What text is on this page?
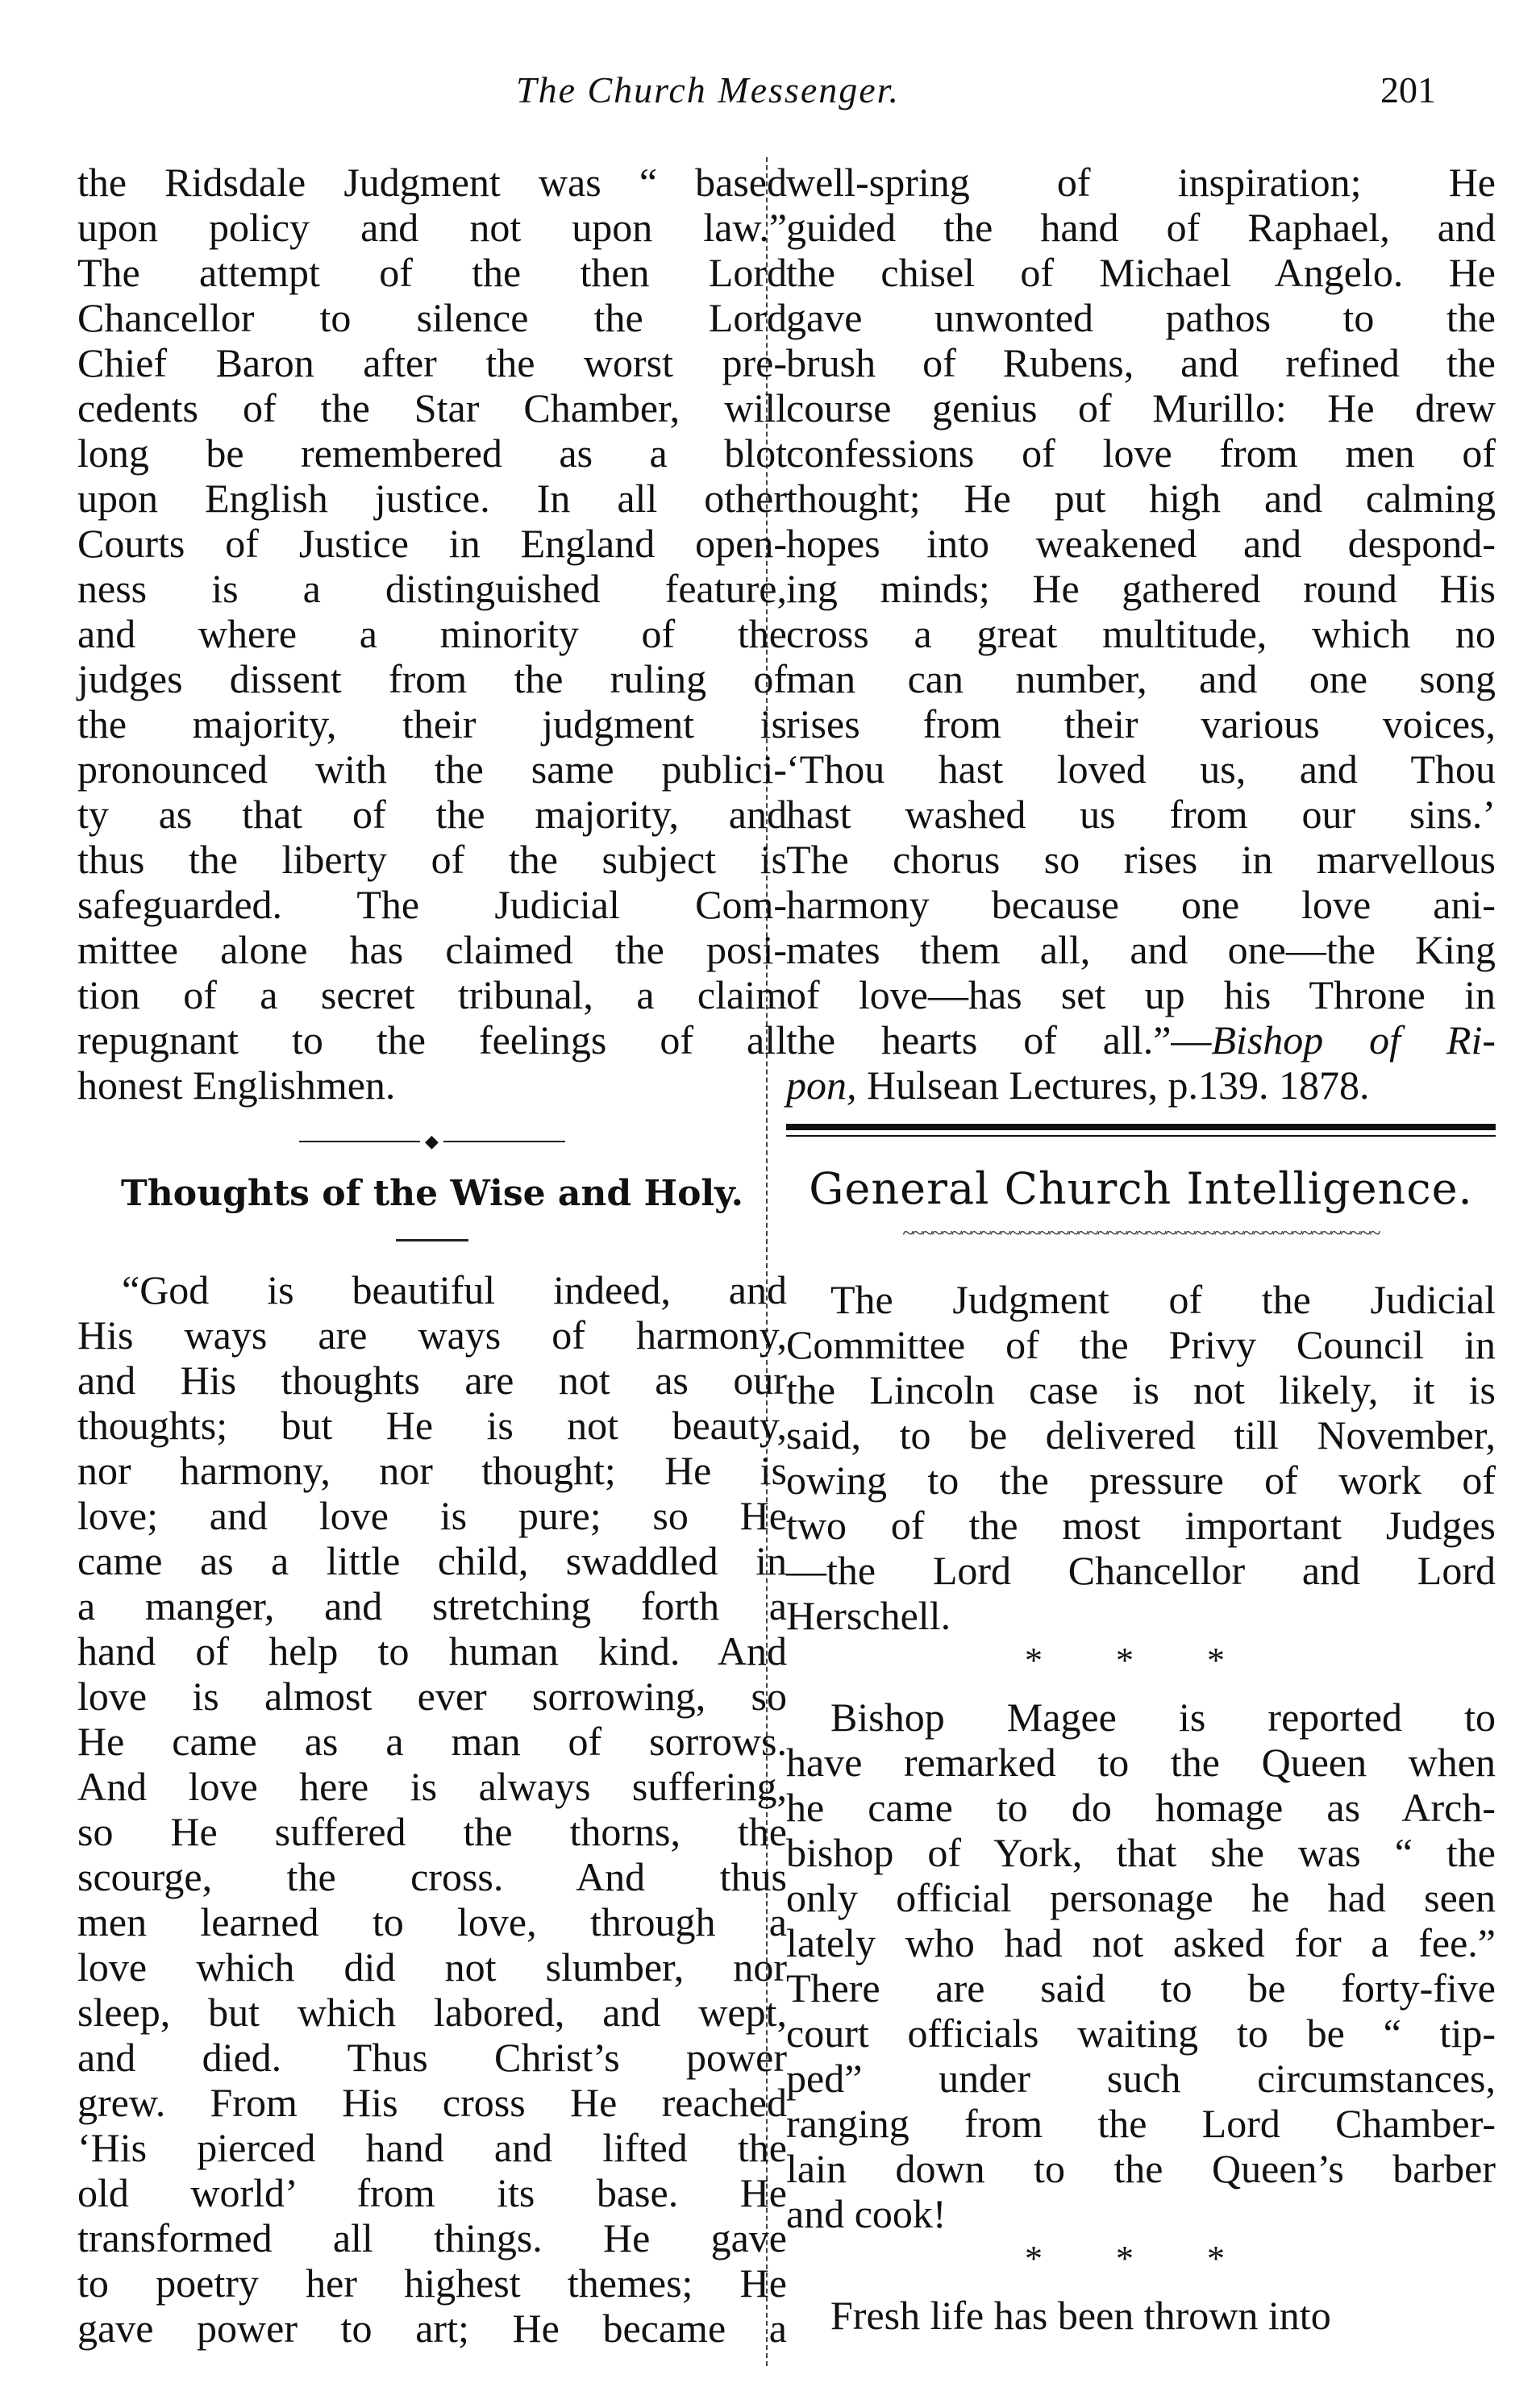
The Church Messenger.	201
the Ridsdale Judgment was “ based
upon policy and not upon law.”
The attempt of the then Lord
Chancellor to silence the Lord
Chief Baron after the worst pre-
cedents of the Star Chamber, will
long be remembered as a blot
upon English justice. In all other
Courts of Justice in England open-
ness is a distinguished feature,
and where a minority of the
judges dissent from the ruling of
the majority, their judgment is
pronounced with the same publici-
ty as that of the majority, and
thus the liberty of the subject is
safeguarded. The Judicial Com-
mittee alone has claimed the posi-
tion of a secret tribunal, a claim
repugnant to the feelings of all
honest Englishmen.
◆
Thoughts of the Wise and Holy.
“God is beautiful indeed, and
His ways are ways of harmony,
and His thoughts are not as our
thoughts; but He is not beauty,
nor harmony, nor thought; He is
love; and love is pure; so He
came as a little child, swaddled in
a manger, and stretching forth a
hand of help to human kind. And
love is almost ever sorrowing, so
He came as a man of sorrows.
And love here is always suffering,
so He suffered the thorns, the
scourge, the cross. And thus
men learned to love, through a
love which did not slumber, nor
sleep, but which labored, and wept,
and died. Thus Christ’s power
grew. From His cross He reached
‘His pierced hand and lifted the
old world’ from its base. He
transformed all things. He gave
to poetry her highest themes; He
gave power to art; He became a
well-spring of inspiration; He
guided the hand of Raphael, and
the chisel of Michael Angelo. He
gave unwonted pathos to the
brush of Rubens, and refined the
course genius of Murillo: He drew
confessions of love from men of
thought; He put high and calming
hopes into weakened and despond-
ing minds; He gathered round His
cross a great multitude, which no
man can number, and one song
rises from their various voices,
‘Thou hast loved us, and Thou
hast washed us from our sins.’
The chorus so rises in marvellous
harmony because one love ani-
mates them all, and one—the King
of love—has set up his Throne in
the hearts of all.”—Bishop of Ri-
pon, Hulsean Lectures, p.139. 1878.
General Church Intelligence.
~~~~~~~~~~~~~~~~~~~~~~~~~~~~~~~~~~~~~~~~~~~~~~~~~
The Judgment of the Judicial
Committee of the Privy Council in
the Lincoln case is not likely, it is
said, to be delivered till November,
owing to the pressure of work of
two of the most important Judges
—the Lord Chancellor and Lord
Herschell.
* * *
Bishop Magee is reported to
have remarked to the Queen when
he came to do homage as Arch-
bishop of York, that she was “ the
only official personage he had seen
lately who had not asked for a fee.”
There are said to be forty-five
court officials waiting to be “ tip-
ped” under such circumstances,
ranging from the Lord Chamber-
lain down to the Queen’s barber
and cook!
* * *
Fresh life has been thrown into
